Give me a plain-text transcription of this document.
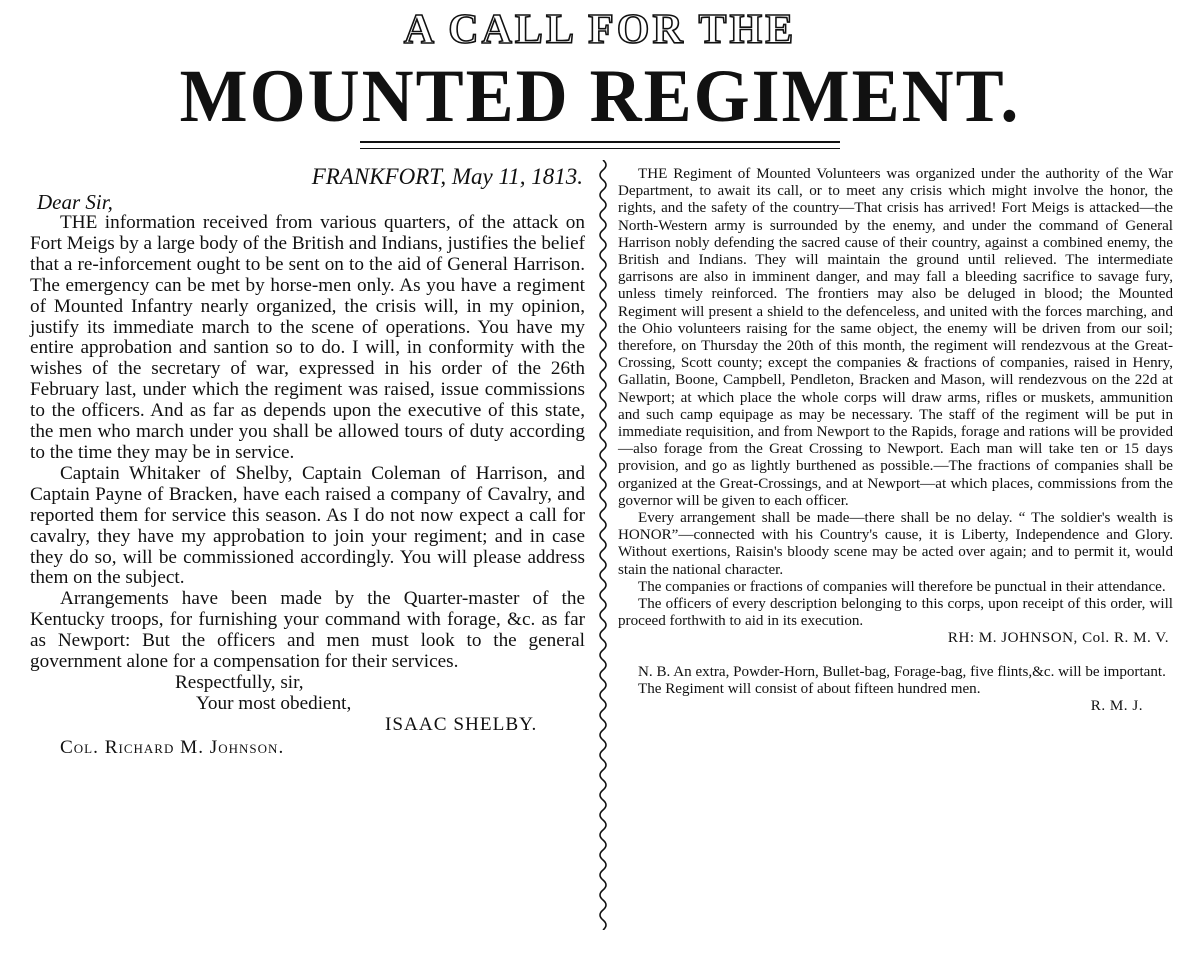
A CALL FOR THE
MOUNTED REGIMENT.
FRANKFORT, May 11, 1813.
Dear Sir,

THE information received from various quarters, of the attack on Fort Meigs by a large body of the British and Indians, justifies the belief that a re-inforcement ought to be sent on to the aid of General Harrison. The emergency can be met by horse-men only. As you have a regiment of Mounted Infantry nearly organized, the crisis will, in my opinion, justify its immediate march to the scene of operations. You have my entire approbation and santion so to do. I will, in conformity with the wishes of the secretary of war, expressed in his order of the 26th February last, under which the regiment was raised, issue commissions to the officers. And as far as depends upon the executive of this state, the men who march under you shall be allowed tours of duty according to the time they may be in service.

Captain Whitaker of Shelby, Captain Coleman of Harrison, and Captain Payne of Bracken, have each raised a company of Cavalry, and reported them for service this season. As I do not now expect a call for cavalry, they have my approbation to join your regiment; and in case they do so, will be commissioned accordingly. You will please address them on the subject.

Arrangements have been made by the Quarter-master of the Kentucky troops, for furnishing your command with forage, &c. as far as Newport: But the officers and men must look to the general government alone for a compensation for their services.

Respectfully, sir,
Your most obedient,
ISAAC SHELBY.
Col. Richard M. Johnson.

THE Regiment of Mounted Volunteers was organized under the authority of the War Department, to await its call, or to meet any crisis which might involve the honor, the rights, and the safety of the country—That crisis has arrived! Fort Meigs is attacked—the North-Western army is surrounded by the enemy, and under the command of General Harrison nobly defending the sacred cause of their country, against a combined enemy, the British and Indians. They will maintain the ground until relieved. The intermediate garrisons are also in imminent danger, and may fall a bleeding sacrifice to savage fury, unless timely reinforced. The frontiers may also be deluged in blood; the Mounted Regiment will present a shield to the defenceless, and united with the forces marching, and the Ohio volunteers raising for the same object, the enemy will be driven from our soil; therefore, on Thursday the 20th of this month, the regiment will rendezvous at the Great-Crossing, Scott county; except the companies & fractions of companies, raised in Henry, Gallatin, Boone, Campbell, Pendleton, Bracken and Mason, will rendezvous on the 22d at Newport; at which place the whole corps will draw arms, rifles or muskets, ammunition and such camp equipage as may be necessary. The staff of the regiment will be put in immediate requisition, and from Newport to the Rapids, forage and rations will be provided—also forage from the Great Crossing to Newport. Each man will take ten or 15 days provision, and go as lightly burthened as possible.—The fractions of companies shall be organized at the Great-Crossings, and at Newport—at which places, commissions from the governor will be given to each officer.

Every arrangement shall be made—there shall be no delay. “ The soldier's wealth is HONOR”—connected with his Country's cause, it is Liberty, Independence and Glory. Without exertions, Raisin's bloody scene may be acted over again; and to permit it, would stain the national character.

The companies or fractions of companies will therefore be punctual in their attendance.

The officers of every description belonging to this corps, upon receipt of this order, will proceed forthwith to aid in its execution.

RH: M. JOHNSON, Col. R. M. V.

N. B. An extra, Powder-Horn, Bullet-bag, Forage-bag, five flints,&c. will be important.

The Regiment will consist of about fifteen hundred men.

R. M. J.
